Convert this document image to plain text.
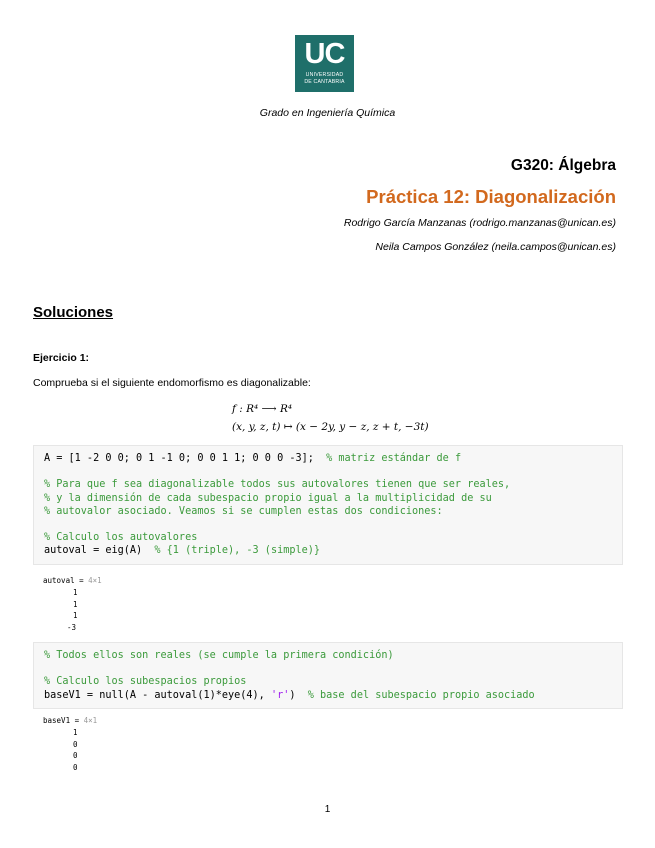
UC
UNIVERSIDAD
DE CANTABRIA
Grado en Ingeniería Química
G320: Álgebra
Práctica 12: Diagonalización
Rodrigo García Manzanas (rodrigo.manzanas@unican.es)
Neila Campos González (neila.campos@unican.es)
Soluciones
Ejercicio 1:
Comprueba si el siguiente endomorfismo es diagonalizable:
f : R⁴ ⟶ R⁴
(x, y, z, t) ↦ (x − 2y, y − z, z + t, −3t)
A = [1 -2 0 0; 0 1 -1 0; 0 0 1 1; 0 0 0 -3];  % matriz estándar de f
% Para que f sea diagonalizable todos sus autovalores tienen que ser reales,
% y la dimensión de cada subespacio propio igual a la multiplicidad de su
% autovalor asociado. Veamos si se cumplen estas dos condiciones:
% Calculo los autovalores
autoval = eig(A)  % {1 (triple), -3 (simple)}
autoval = 4×1
1
1
1
-3
% Todos ellos son reales (se cumple la primera condición)
% Calculo los subespacios propios
baseV1 = null(A - autoval(1)*eye(4), 'r')  % base del subespacio propio asociado
baseV1 = 4×1
1
0
0
0
1
